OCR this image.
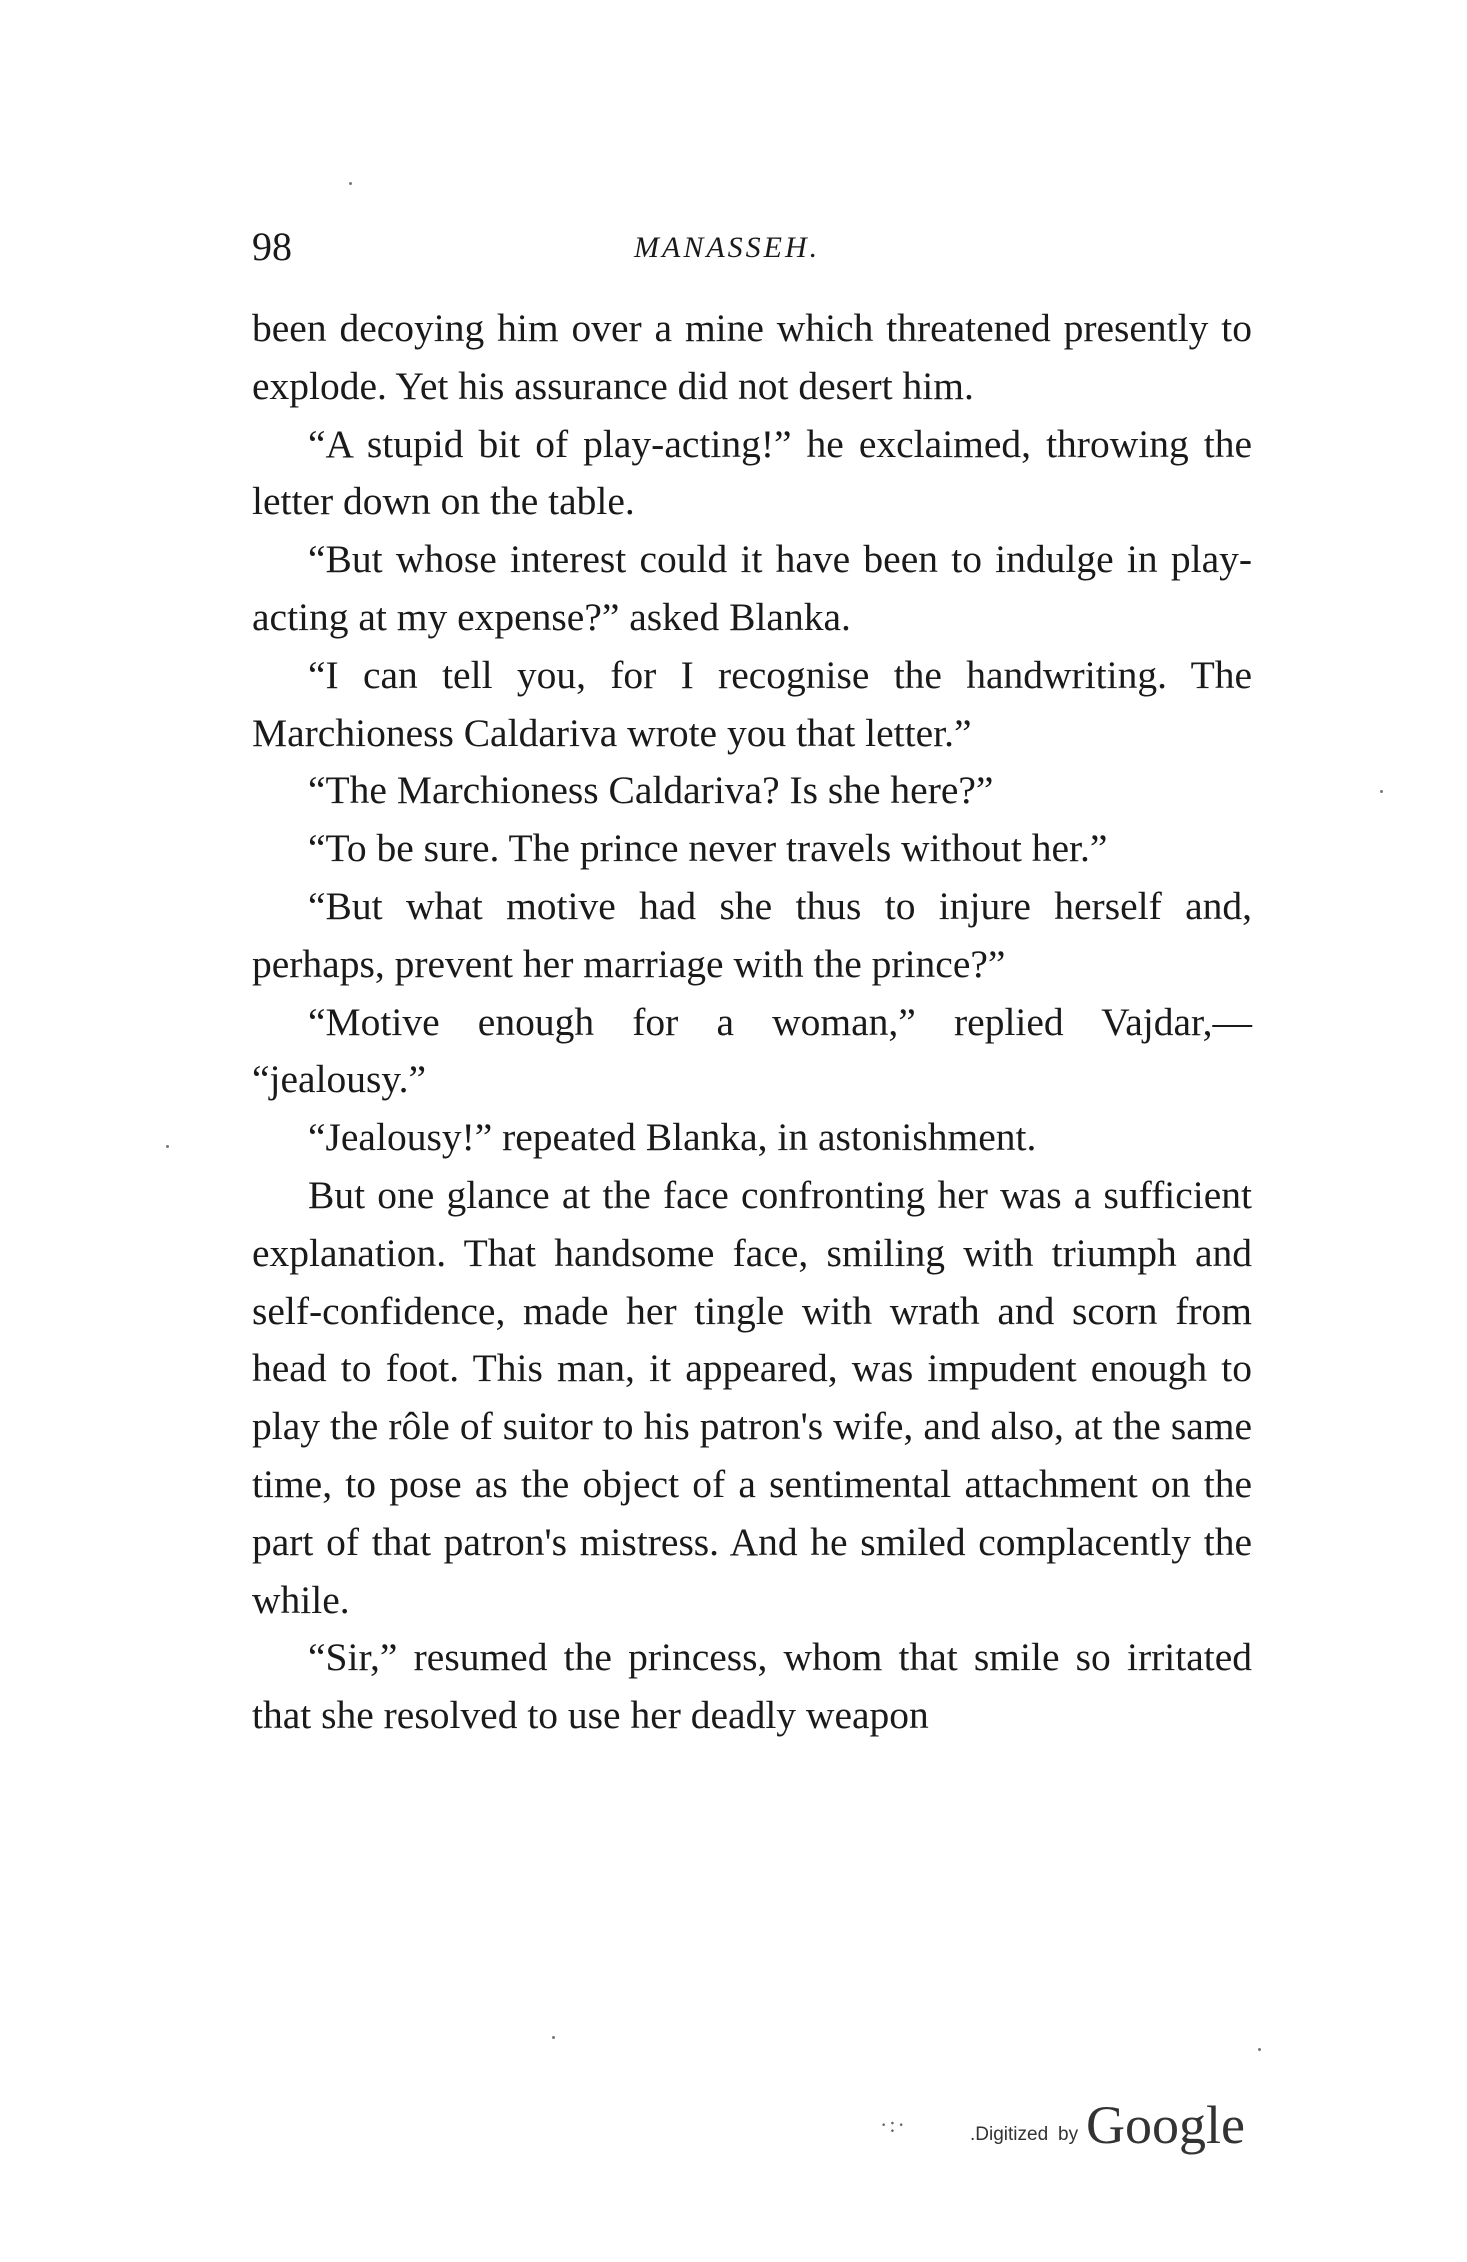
98	MANASSEH.

been decoying him over a mine which threatened presently to explode. Yet his assurance did not desert him.

“A stupid bit of play-acting!” he exclaimed, throwing the letter down on the table.

“But whose interest could it have been to indulge in play-acting at my expense?” asked Blanka.

“I can tell you, for I recognise the handwriting. The Marchioness Caldariva wrote you that letter.”

“The Marchioness Caldariva? Is she here?”

“To be sure. The prince never travels without her.”

“But what motive had she thus to injure herself and, perhaps, prevent her marriage with the prince?”

“Motive enough for a woman,” replied Vajdar,— “jealousy.”

“Jealousy!” repeated Blanka, in astonishment.

But one glance at the face confronting her was a sufficient explanation. That handsome face, smiling with triumph and self-confidence, made her tingle with wrath and scorn from head to foot. This man, it appeared, was impudent enough to play the rôle of suitor to his patron's wife, and also, at the same time, to pose as the object of a sentimental attachment on the part of that patron's mistress. And he smiled complacently the while.

“Sir,” resumed the princess, whom that smile so irritated that she resolved to use her deadly weapon

·:·	.Digitized by Google
